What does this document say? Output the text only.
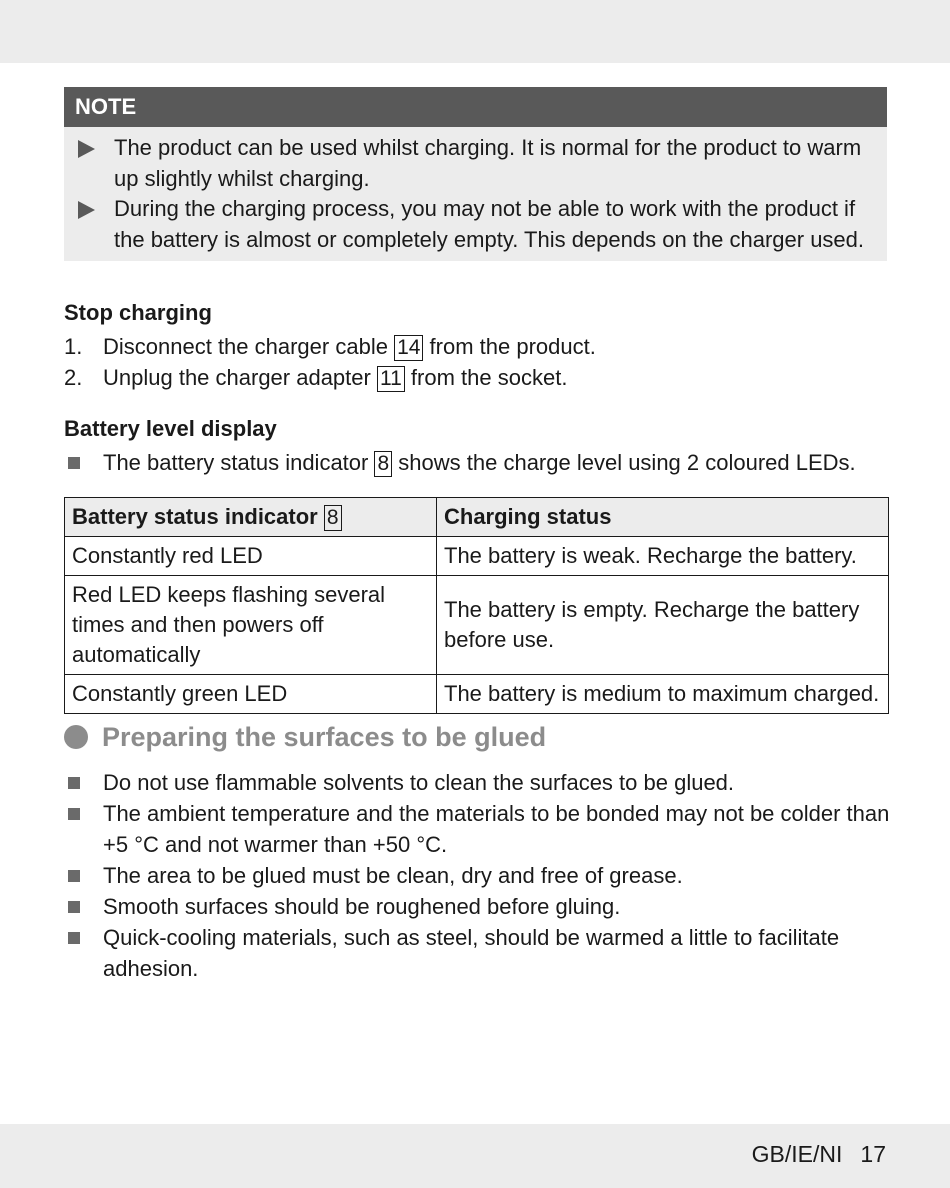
NOTE
The product can be used whilst charging. It is normal for the product to warm up slightly whilst charging.
During the charging process, you may not be able to work with the product if the battery is almost or completely empty. This depends on the charger used.
Stop charging
1. Disconnect the charger cable 14 from the product.
2. Unplug the charger adapter 11 from the socket.
Battery level display
The battery status indicator 8 shows the charge level using 2 coloured LEDs.
Battery status indicator 8	Charging status
Constantly red LED	The battery is weak. Recharge the battery.
Red LED keeps flashing several times and then powers off automatically	The battery is empty. Recharge the battery before use.
Constantly green LED	The battery is medium to maximum charged.
Preparing the surfaces to be glued
Do not use flammable solvents to clean the surfaces to be glued.
The ambient temperature and the materials to be bonded may not be colder than +5 °C and not warmer than +50 °C.
The area to be glued must be clean, dry and free of grease.
Smooth surfaces should be roughened before gluing.
Quick-cooling materials, such as steel, should be warmed a little to facilitate adhesion.
GB/IE/NI 17
